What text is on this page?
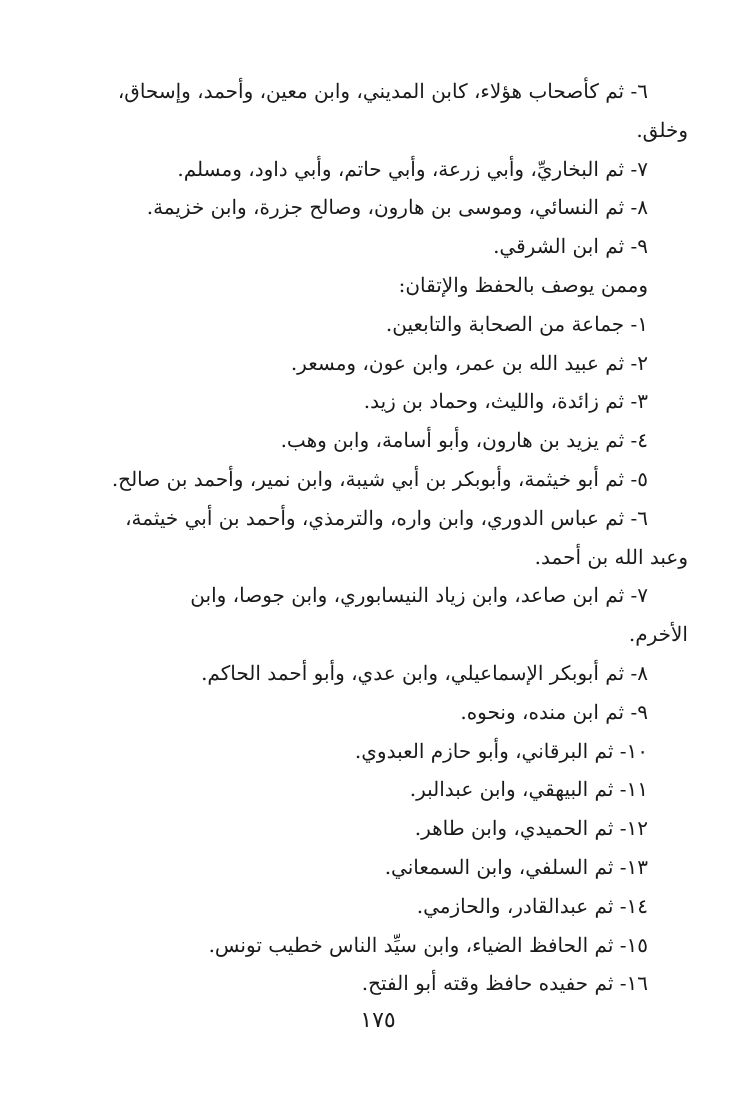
٦- ثم كأصحاب هؤلاء، كابن المديني، وابن معين، وأحمد، وإسحاق،
وخلق.
٧- ثم البخاريِّ، وأبي زرعة، وأبي حاتم، وأبي داود، ومسلم.
٨- ثم النسائي، وموسى بن هارون، وصالح جزرة، وابن خزيمة.
٩- ثم ابن الشرقي.
وممن يوصف بالحفظ والإتقان:
١- جماعة من الصحابة والتابعين.
٢- ثم عبيد الله بن عمر، وابن عون، ومسعر.
٣- ثم زائدة، والليث، وحماد بن زيد.
٤- ثم يزيد بن هارون، وأبو أسامة، وابن وهب.
٥- ثم أبو خيثمة، وأبوبكر بن أبي شيبة، وابن نمير، وأحمد بن صالح.
٦- ثم عباس الدوري، وابن واره، والترمذي، وأحمد بن أبي خيثمة،
وعبد الله بن أحمد.
٧- ثم ابن صاعد، وابن زياد النيسابوري، وابن جوصا، وابن
الأخرم.
٨- ثم أبوبكر الإسماعيلي، وابن عدي، وأبو أحمد الحاكم.
٩- ثم ابن منده، ونحوه.
١٠- ثم البرقاني، وأبو حازم العبدوي.
١١- ثم البيهقي، وابن عبدالبر.
١٢- ثم الحميدي، وابن طاهر.
١٣- ثم السلفي، وابن السمعاني.
١٤- ثم عبدالقادر، والحازمي.
١٥- ثم الحافظ الضياء، وابن سيِّد الناس خطيب تونس.
١٦- ثم حفيده حافظ وقته أبو الفتح.
١٧٥
